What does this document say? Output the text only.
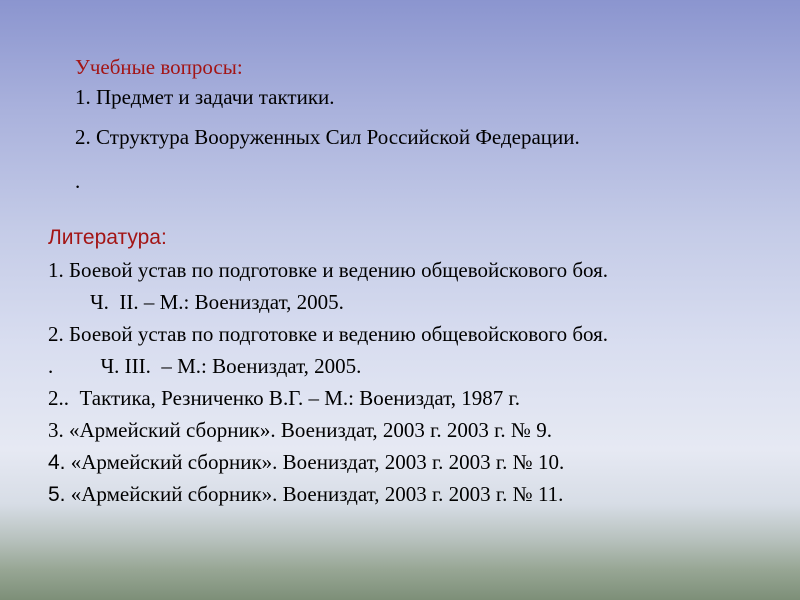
Учебные вопросы:
1. Предмет и задачи тактики.
2. Структура Вооруженных Сил Российской Федерации.
.
Литература:
1. Боевой устав по подготовке и ведению общевойскового боя.
Ч.  II. – М.: Воениздат, 2005.
2. Боевой устав по подготовке и ведению общевойскового боя.
.         Ч. III.  – М.: Воениздат, 2005.
2..  Тактика, Резниченко В.Г. – М.: Воениздат, 1987 г.
3. «Армейский сборник». Воениздат, 2003 г. 2003 г. № 9.
4. «Армейский сборник». Воениздат, 2003 г. 2003 г. № 10.
5. «Армейский сборник». Воениздат, 2003 г. 2003 г. № 11.
